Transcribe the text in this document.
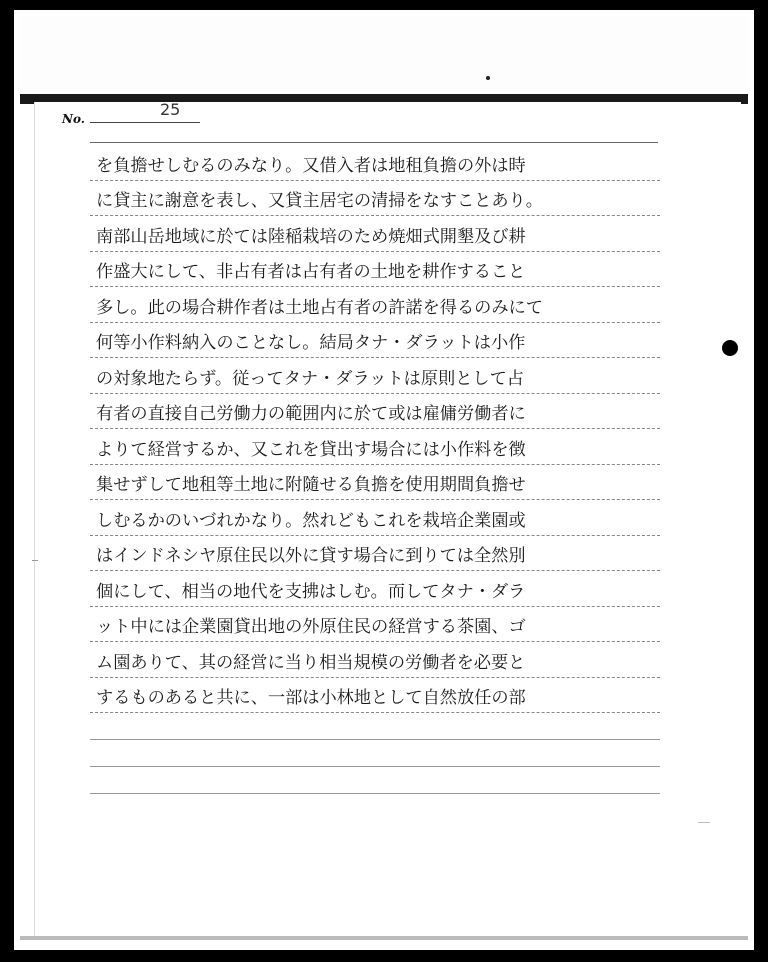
No.	25
を負擔せしむるのみなり。又借入者は地租負擔の外は時
に貸主に謝意を表し、又貸主居宅の清掃をなすことあり。
南部山岳地域に於ては陸稲栽培のため焼畑式開墾及び耕
作盛大にして、非占有者は占有者の土地を耕作すること
多し。此の場合耕作者は土地占有者の許諾を得るのみにて
何等小作料納入のことなし。結局タナ・ダラットは小作
の対象地たらず。従ってタナ・ダラットは原則として占
有者の直接自己労働力の範囲内に於て或は雇傭労働者に
よりて経営するか、又これを貸出す場合には小作料を徴
集せずして地租等土地に附隨せる負擔を使用期間負擔せ
しむるかのいづれかなり。然れどもこれを栽培企業園或
はインドネシヤ原住民以外に貸す場合に到りては全然別
個にして、相当の地代を支拂はしむ。而してタナ・ダラ
ット中には企業園貸出地の外原住民の経営する茶園、ゴ
ム園ありて、其の経営に当り相当規模の労働者を必要と
するものあると共に、一部は小林地として自然放任の部
